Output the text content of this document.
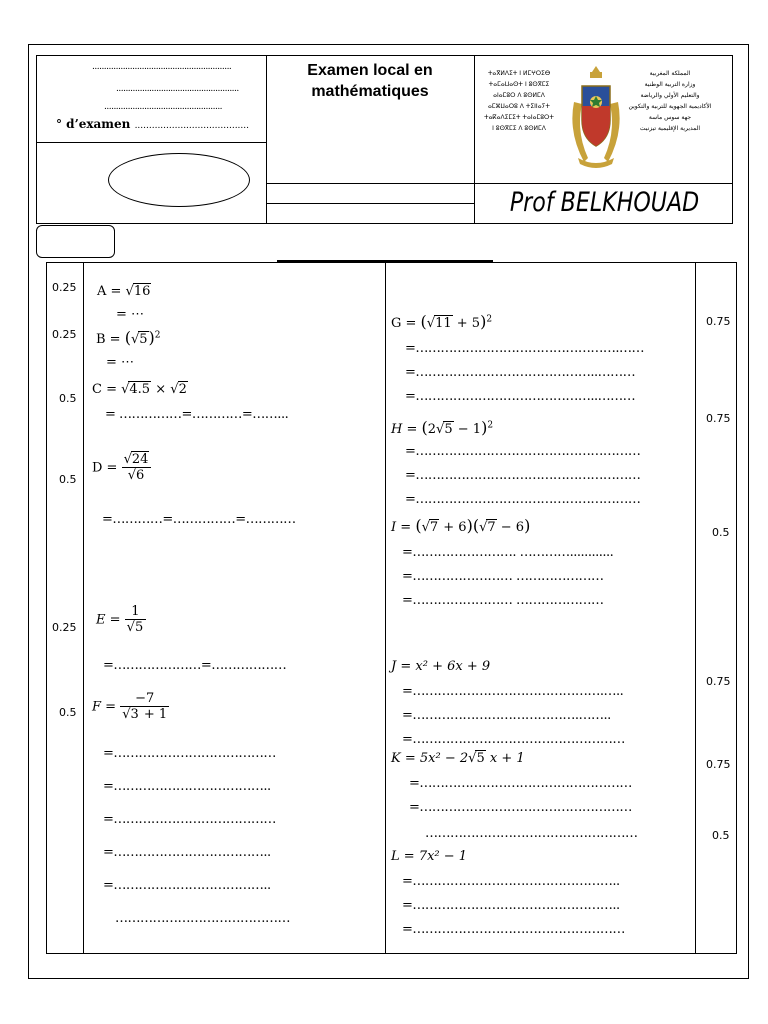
...........................................................
....................................................
..................................................
° d’examen ........................................
Examen local en
mathématiques
ⵜⴰⴳⵍⴷⵉⵜ ⵏ ⵍⵎⵖⵔⵉⴱ
ⵜⴰⵎⴰⵡⴰⵙⵜ ⵏ ⵓⵙⴳⵎⵉ
ⴰⵏⴰⵎⵓⵔ ⴷ ⵓⵙⵍⵎⴷ
ⴰⵎⵣⵡⴰⵔⵓ ⴷ ⵜⵉⵏⵏⴰⵢⵜ
ⵜⴰⴽⴰⴷⵉⵎⵉⵜ ⵜⴰⵏⴰⵎⵓⵔⵜ
ⵏ ⵓⵙⴳⵎⵉ ⴷ ⵓⵙⵍⵎⴷ
المملكة المغربية
وزارة التربية الوطنية
والتعليم الأولي والرياضة
الأكاديمية الجهوية للتربية والتكوين
جهة سوس ماسة
المديرية الإقليمية تيزنيت
Prof BELKHOUAD
0.25
0.25
0.5
0.5
0.25
0.5
0.75
0.75
0.5
0.75
0.75
0.5
A = √16
= ⋯
$B = (√5)^2$
= ⋯
C = √4.5 × √2
= ……………=…………=……...
$D = \frac{√24}{√6}$
=…………=……………=…………
$E = \frac{1}{√5}$
=…………………=………………
$F = \frac{-7}{√3 + 1}$
=…………………………………
=………………………………..
=…………………………………
=………………………………..
=………………………………..
……………………………………
$G = (√11 + 5)^2$
=………………………………………….……
=……………………………………..………
=……………………………………..………
$H = (2√5 - 1)^2$
=………………………………………………
=………………………………………………
=………………………………………………
I = (√7 + 6)(√7 − 6)
=……………………. …………............
=…………………… …………………
=…………………… …………………
J = x² + 6x + 9
=……………………………………….…..
=………………………………….……..
=……………………………………………
K = 5x² − 2√5 x + 1
=……………………………………………
=……………………………………………
……………………………………………
L = 7x² − 1
=…………………………………………..
=…………………………………………..
=……………………………………………
